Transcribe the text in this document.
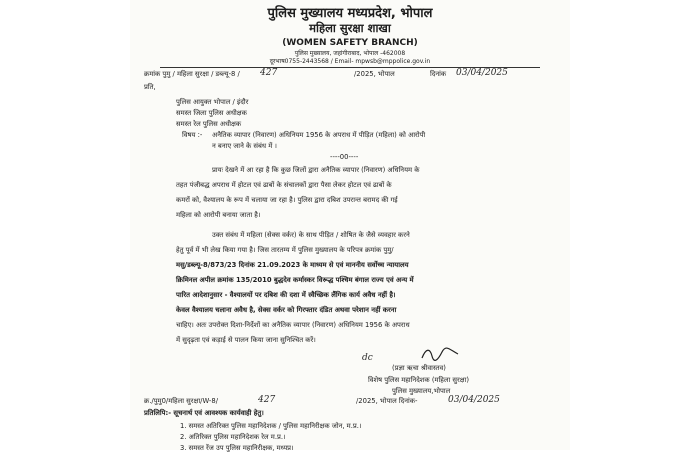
पुलिस मुख्यालय मध्यप्रदेश, भोपाल
महिला सुरक्षा शाखा
(WOMEN SAFETY BRANCH)
पुलिस मुख्यालय, जहांगीराबाद, भोपाल -462008
दूरभाष0755-2443568 / Email- mpwsb@mppolice.gov.in
क्रमांक पुमु / महिला सुरक्षा / डब्ल्यू-8 / 427	/2025, भोपाल	दिनांक 03/04/2025
प्रति,
पुलिस आयुक्त भोपाल / इंदौर
समस्त जिला पुलिस अधीक्षक
समस्त रेल पुलिस अधीक्षक
विषय :- अनैतिक व्यापार (निवारण) अधिनियम 1956 के अपराध में पीड़ित (महिला) को आरोपी
न बनाए जाने के संबंध में ।
----00----
प्रायः देखने में आ रहा है कि कुछ जिलों द्वारा अनैतिक व्यापार (निवारण) अधिनियम के
तहत पंजीबद्ध अपराध में होटल एवं ढाबों के संचालकों द्वारा पैसा लेकर होटल एवं ढाबों के
कमरों को, वैश्यालय के रूप में चलाया जा रहा है। पुलिस द्वारा दबिश उपरान्त बरामद की गई
महिला को आरोपी बनाया जाता है।
उक्त संबंध में महिला (सेक्स वर्कर) के साथ पीड़ित / शोषित के जैसे व्यवहार करने
हेतु पूर्व में भी लेख किया गया है। जिस तारतम्य में पुलिस मुख्यालय के परिपत्र क्रमांक पुमु/
मसु/डब्ल्यू-8/873/23 दिनांक 21.09.2023 के माध्यम से एवं माननीय सर्वोच्च न्यायालय
क्रिमिनल अपील क्रमांक 135/2010 बुद्धदेव कर्मास्कर विरूद्ध पश्चिम बंगाल राज्य एवं अन्य में
पारित आदेशानुसार - वैश्यालयों पर दबिश की दशा में स्वैच्छिक लैंगिक कार्य अवैध नहीं है।
केवल वैश्यालय चलाना अवैध है, सेक्स वर्कर को गिरफ्तार दंडित अथवा परेशान नहीं करना
चाहिए। अतः उपरोक्त दिशा-निर्देशों का अनैतिक व्यापार (निवारण) अधिनियम 1956 के अपराध
में सुदृढ़ता एवं कड़ाई से पालन किया जाना सुनिश्चित करें।
dc
(प्रज्ञा ऋचा श्रीवास्तव)
विशेष पुलिस महानिदेशक (महिला सुरक्षा)
पुलिस मुख्यालय,भोपाल
क्र./पुमु0/महिला सुरक्षा/W-8/	427	/2025, भोपाल दिनांक-	03/04/2025
प्रतिलिपि:- सूचनार्थ एवं आवश्यक कार्यवाही हेतु।
1. समस्त अतिरिक्त पुलिस महानिदेशक / पुलिस महानिरीक्षक जोन, म.प्र.।
2. अतिरिक्त पुलिस महानिदेशक रेल म.प्र.।
3. समस्त रेंज उप पुलिस महानिरीक्षक, मध्यप्र।
